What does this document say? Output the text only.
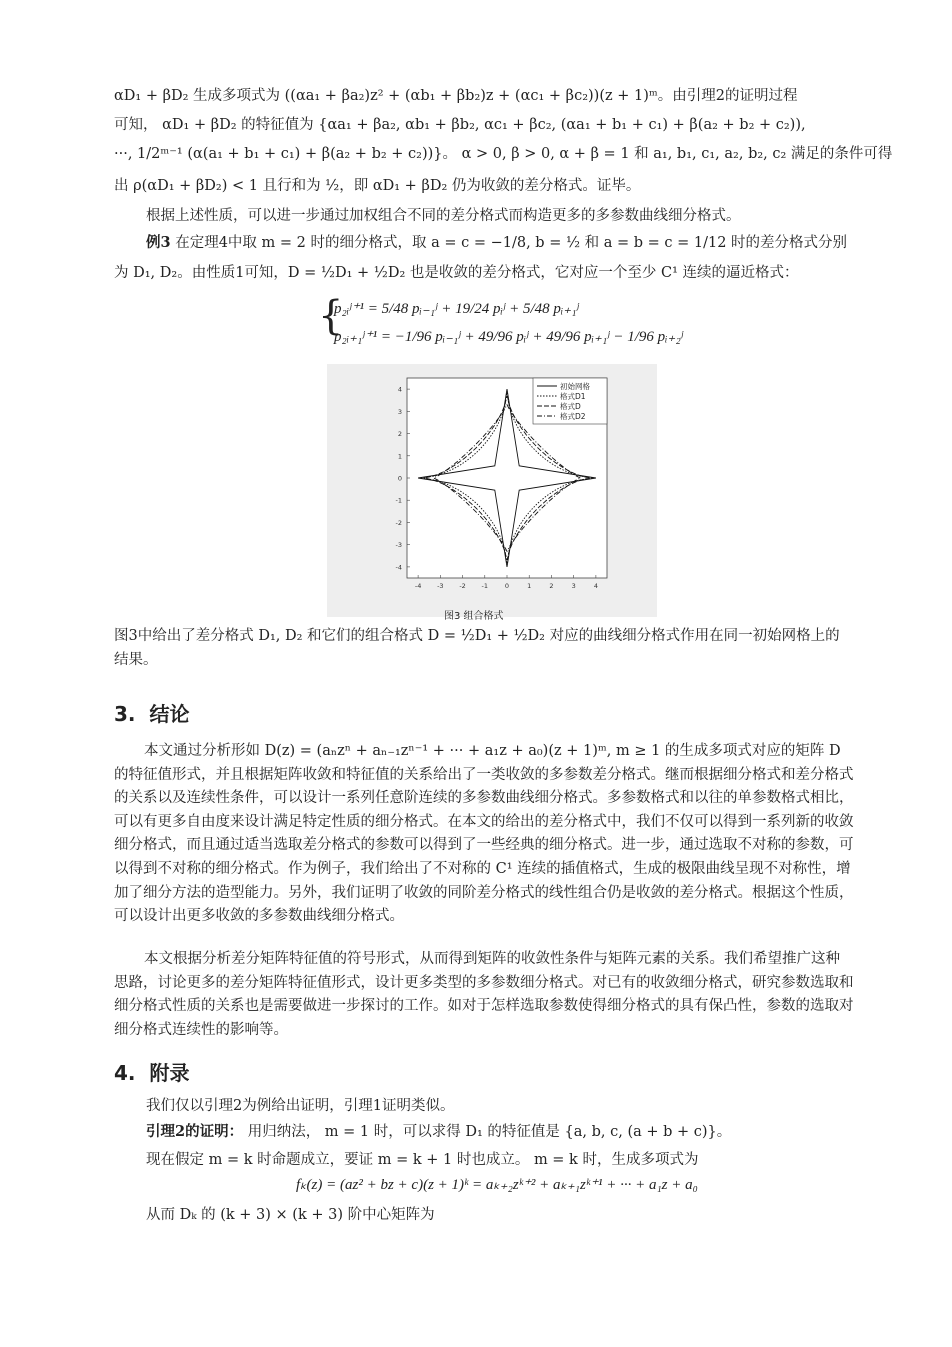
αD₁ + βD₂ 生成多项式为 ((αa₁ + βa₂)z² + (αb₁ + βb₂)z + (αc₁ + βc₂))(z + 1)ᵐ。由引理2的证明过程
可知， αD₁ + βD₂ 的特征值为 {αa₁ + βa₂, αb₁ + βb₂, αc₁ + βc₂, (αa₁ + b₁ + c₁) + β(a₂ + b₂ + c₂)),
···, 1/2ᵐ⁻¹ (α(a₁ + b₁ + c₁) + β(a₂ + b₂ + c₂))}。 α > 0, β > 0, α + β = 1 和 a₁, b₁, c₁, a₂, b₂, c₂ 满足的条件可得
出 ρ(αD₁ + βD₂) < 1 且行和为 ½，即 αD₁ + βD₂ 仍为收敛的差分格式。证毕。
根据上述性质，可以进一步通过加权组合不同的差分格式而构造更多的多参数曲线细分格式。
例3 在定理4中取 m = 2 时的细分格式，取 a = c = −1/8, b = ½ 和 a = b = c = 1/12 时的差分格式分别
为 D₁, D₂。由性质1可知，D = ½D₁ + ½D₂ 也是收敛的差分格式，它对应一个至少 C¹ 连续的逼近格式：
{
p₂ᵢʲ⁺¹ = 5/48 pᵢ₋₁ʲ + 19/24 pᵢʲ + 5/48 pᵢ₊₁ʲ
p₂ᵢ₊₁ʲ⁺¹ = −1/96 pᵢ₋₁ʲ + 49/96 pᵢʲ + 49/96 pᵢ₊₁ʲ − 1/96 pᵢ₊₂ʲ
-4 -3 -2 -1	0	1	2	3	4
4
3
2
1
0
-1
-2
-3
-4
初始网格
格式D1
格式D
格式D2
图3 组合格式

图3中给出了差分格式 D₁, D₂ 和它们的组合格式 D = ½D₁ + ½D₂ 对应的曲线细分格式作用在同一初始网格上的结果。

3. 结论

本文通过分析形如 D(z) = (aₙzⁿ + aₙ₋₁zⁿ⁻¹ + ··· + a₁z + a₀)(z + 1)ᵐ, m ≥ 1 的生成多项式对应的矩阵 D 的特征值形式，并且根据矩阵收敛和特征值的关系给出了一类收敛的多参数差分格式。继而根据细分格式和差分格式的关系以及连续性条件，可以设计一系列任意阶连续的多参数曲线细分格式。多参数格式和以往的单参数格式相比，可以有更多自由度来设计满足特定性质的细分格式。在本文的给出的差分格式中，我们不仅可以得到一系列新的收敛细分格式，而且通过适当选取差分格式的参数可以得到了一些经典的细分格式。进一步，通过选取不对称的参数，可以得到不对称的细分格式。作为例子，我们给出了不对称的 C¹ 连续的插值格式，生成的极限曲线呈现不对称性，增加了细分方法的造型能力。另外，我们证明了收敛的同阶差分格式的线性组合仍是收敛的差分格式。根据这个性质，可以设计出更多收敛的多参数曲线细分格式。

本文根据分析差分矩阵特征值的符号形式，从而得到矩阵的收敛性条件与矩阵元素的关系。我们希望推广这种思路，讨论更多的差分矩阵特征值形式，设计更多类型的多参数细分格式。对已有的收敛细分格式，研究参数选取和细分格式性质的关系也是需要做进一步探讨的工作。如对于怎样选取参数使得细分格式的具有保凸性，参数的选取对细分格式连续性的影响等。

4. 附录
我们仅以引理2为例给出证明，引理1证明类似。
引理2的证明： 用归纳法， m = 1 时，可以求得 D₁ 的特征值是 {a, b, c, (a + b + c)}。
现在假定 m = k 时命题成立，要证 m = k + 1 时也成立。 m = k 时，生成多项式为
fₖ(z) = (az² + bz + c)(z + 1)ᵏ = aₖ₊₂zᵏ⁺² + aₖ₊₁zᵏ⁺¹ + ··· + a₁z + a₀
从而 Dₖ 的 (k + 3) × (k + 3) 阶中心矩阵为
